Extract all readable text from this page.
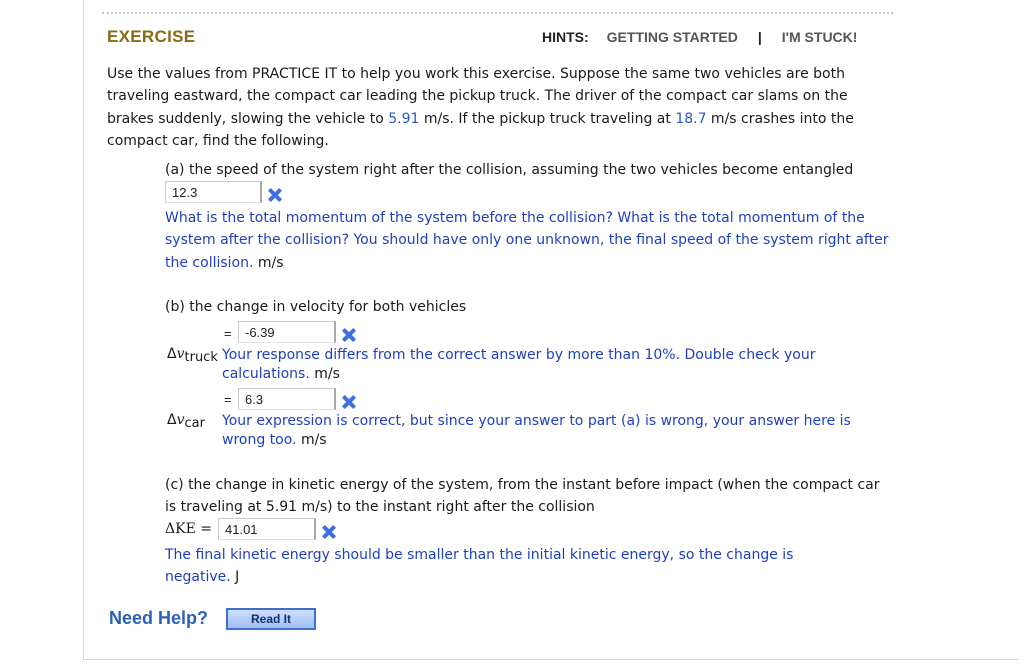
EXERCISE	HINTS: GETTING STARTED | I'M STUCK!
Use the values from PRACTICE IT to help you work this exercise. Suppose the same two vehicles are both traveling eastward, the compact car leading the pickup truck. The driver of the compact car slams on the brakes suddenly, slowing the vehicle to 5.91 m/s. If the pickup truck traveling at 18.7 m/s crashes into the compact car, find the following.
(a) the speed of the system right after the collision, assuming the two vehicles become entangled
12.3
What is the total momentum of the system before the collision? What is the total momentum of the system after the collision? You should have only one unknown, the final speed of the system right after the collision. m/s
(b) the change in velocity for both vehicles
=	-6.39
$\Delta v_{truck}$ Your response differs from the correct answer by more than 10%. Double check your calculations. m/s
=	6.3
$\Delta v_{car}$ Your expression is correct, but since your answer to part (a) is wrong, your answer here is wrong too. m/s
(c) the change in kinetic energy of the system, from the instant before impact (when the compact car is traveling at 5.91 m/s) to the instant right after the collision
ΔKE =	41.01
The final kinetic energy should be smaller than the initial kinetic energy, so the change is negative. J
Need Help?	Read It
